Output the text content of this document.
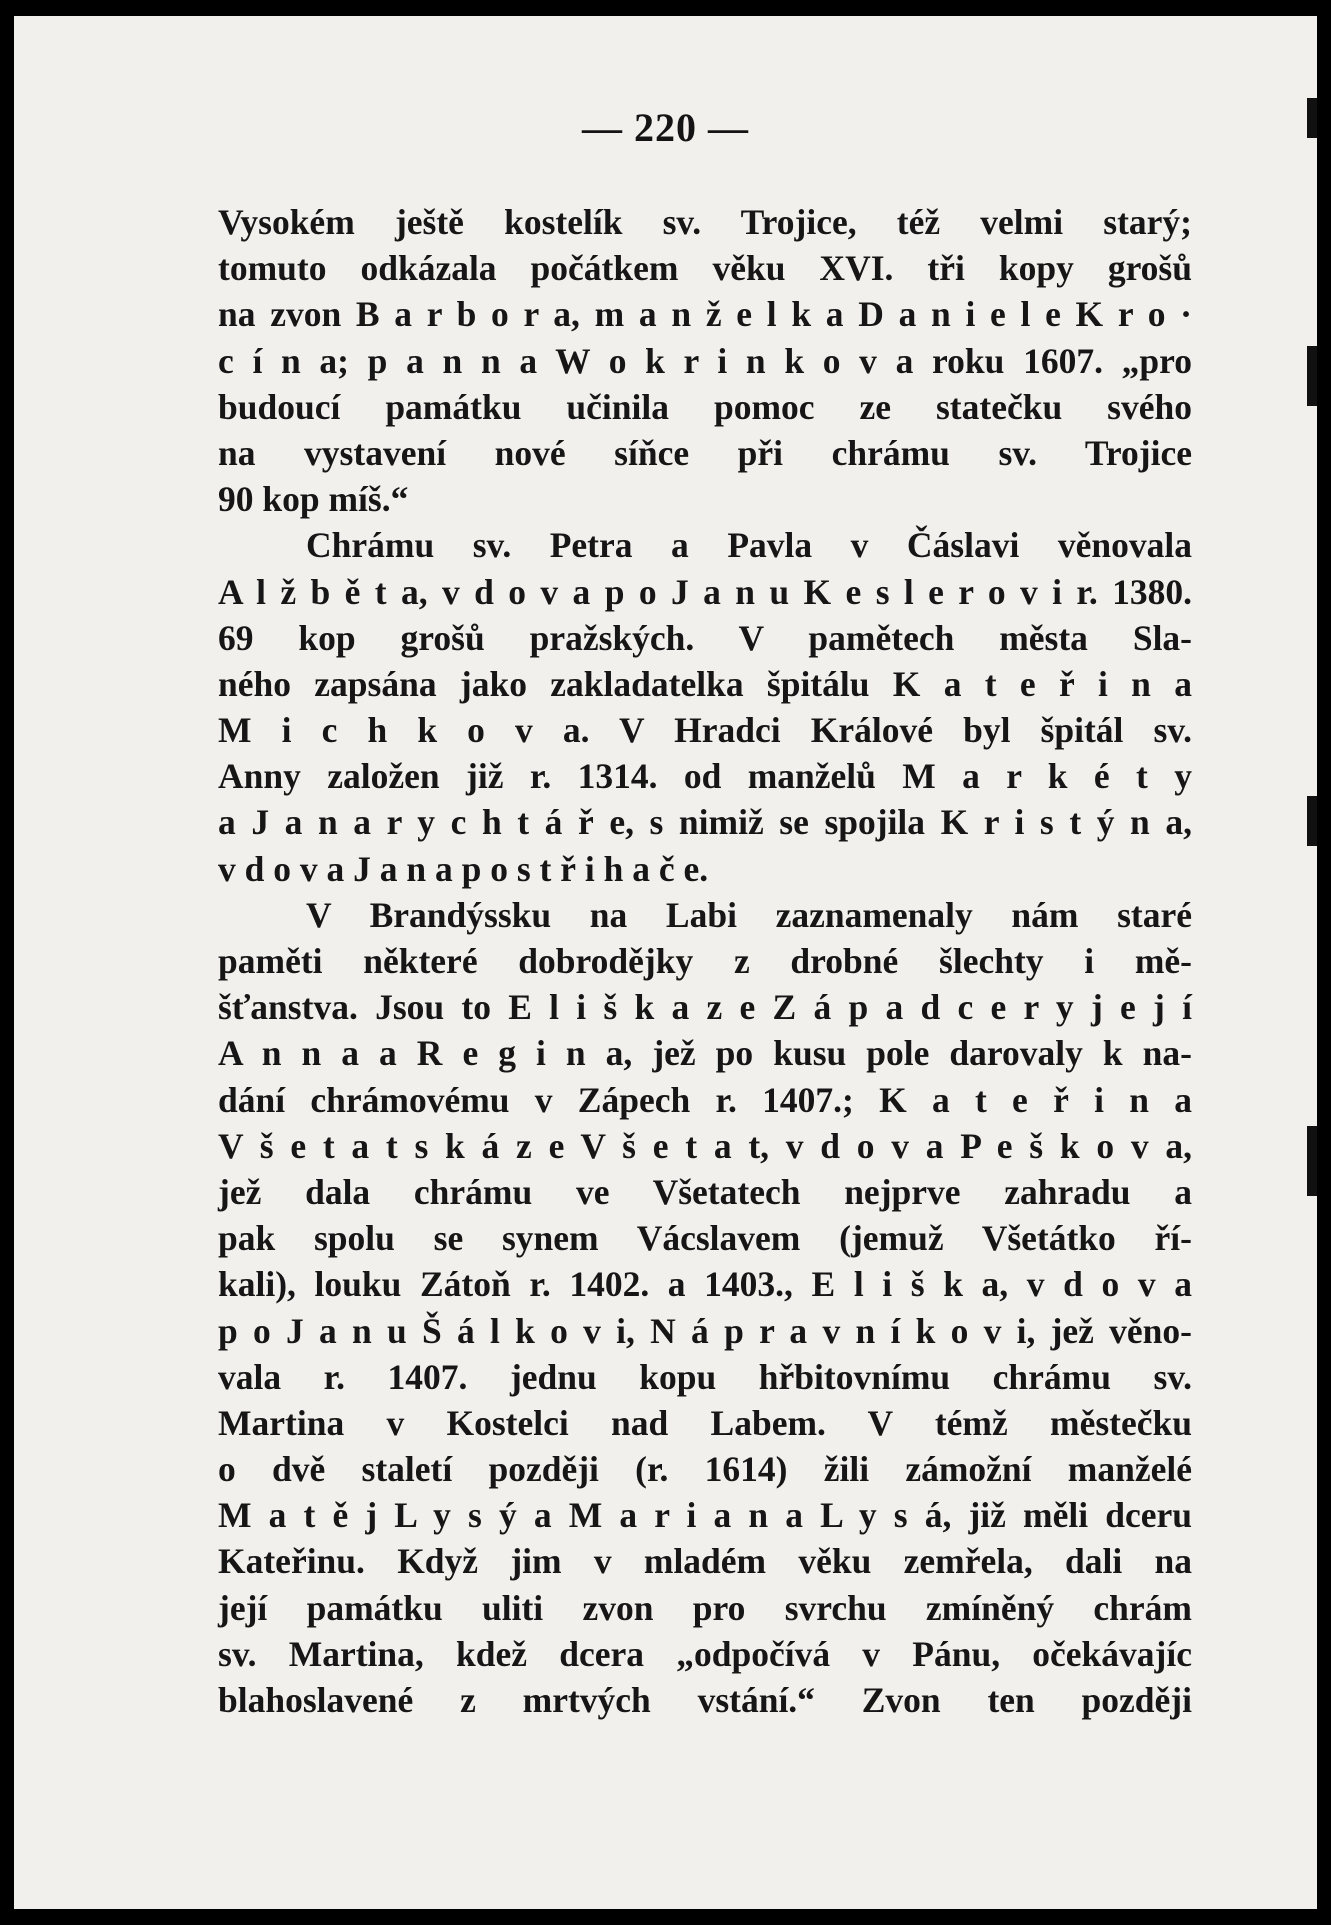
— 220 —
Vysokém ještě kostelík sv. Trojice, též velmi starý;
tomuto odkázala počátkem věku XVI. tři kopy grošů
na zvon B a r b o r a, m a n ž e l k a D a n i e l e K r o ·
c í n a; p a n n a W o k r i n k o v a roku 1607. „pro
budoucí památku učinila pomoc ze statečku svého
na vystavení nové síňce při chrámu sv. Trojice
90 kop míš.“
Chrámu sv. Petra a Pavla v Čáslavi věnovala
A l ž b ě t a, v d o v a p o J a n u K e s l e r o v i r. 1380.
69 kop grošů pražských. V pamětech města Sla-
ného zapsána jako zakladatelka špitálu K a t e ř i n a
M i c h k o v a. V Hradci Králové byl špitál sv.
Anny založen již r. 1314. od manželů M a r k é t y
a J a n a r y c h t á ř e, s nimiž se spojila K r i s t ý n a,
v d o v a J a n a p o s t ř i h a č e.
V Brandýssku na Labi zaznamenaly nám staré
paměti některé dobrodějky z drobné šlechty i mě-
šťanstva. Jsou to E l i š k a z e Z á p a d c e r y j e j í
A n n a a R e g i n a, jež po kusu pole darovaly k na-
dání chrámovému v Zápech r. 1407.; K a t e ř i n a
V š e t a t s k á z e V š e t a t, v d o v a P e š k o v a,
jež dala chrámu ve Všetatech nejprve zahradu a
pak spolu se synem Vácslavem (jemuž Všetátko ří-
kali), louku Zátoň r. 1402. a 1403., E l i š k a, v d o v a
p o J a n u Š á l k o v i, N á p r a v n í k o v i, jež věno-
vala r. 1407. jednu kopu hřbitovnímu chrámu sv.
Martina v Kostelci nad Labem. V témž městečku
o dvě staletí později (r. 1614) žili zámožní manželé
M a t ě j L y s ý a M a r i a n a L y s á, již měli dceru
Kateřinu. Když jim v mladém věku zemřela, dali na
její památku uliti zvon pro svrchu zmíněný chrám
sv. Martina, kdež dcera „odpočívá v Pánu, očekávajíc
blahoslavené z mrtvých vstání.“ Zvon ten později
